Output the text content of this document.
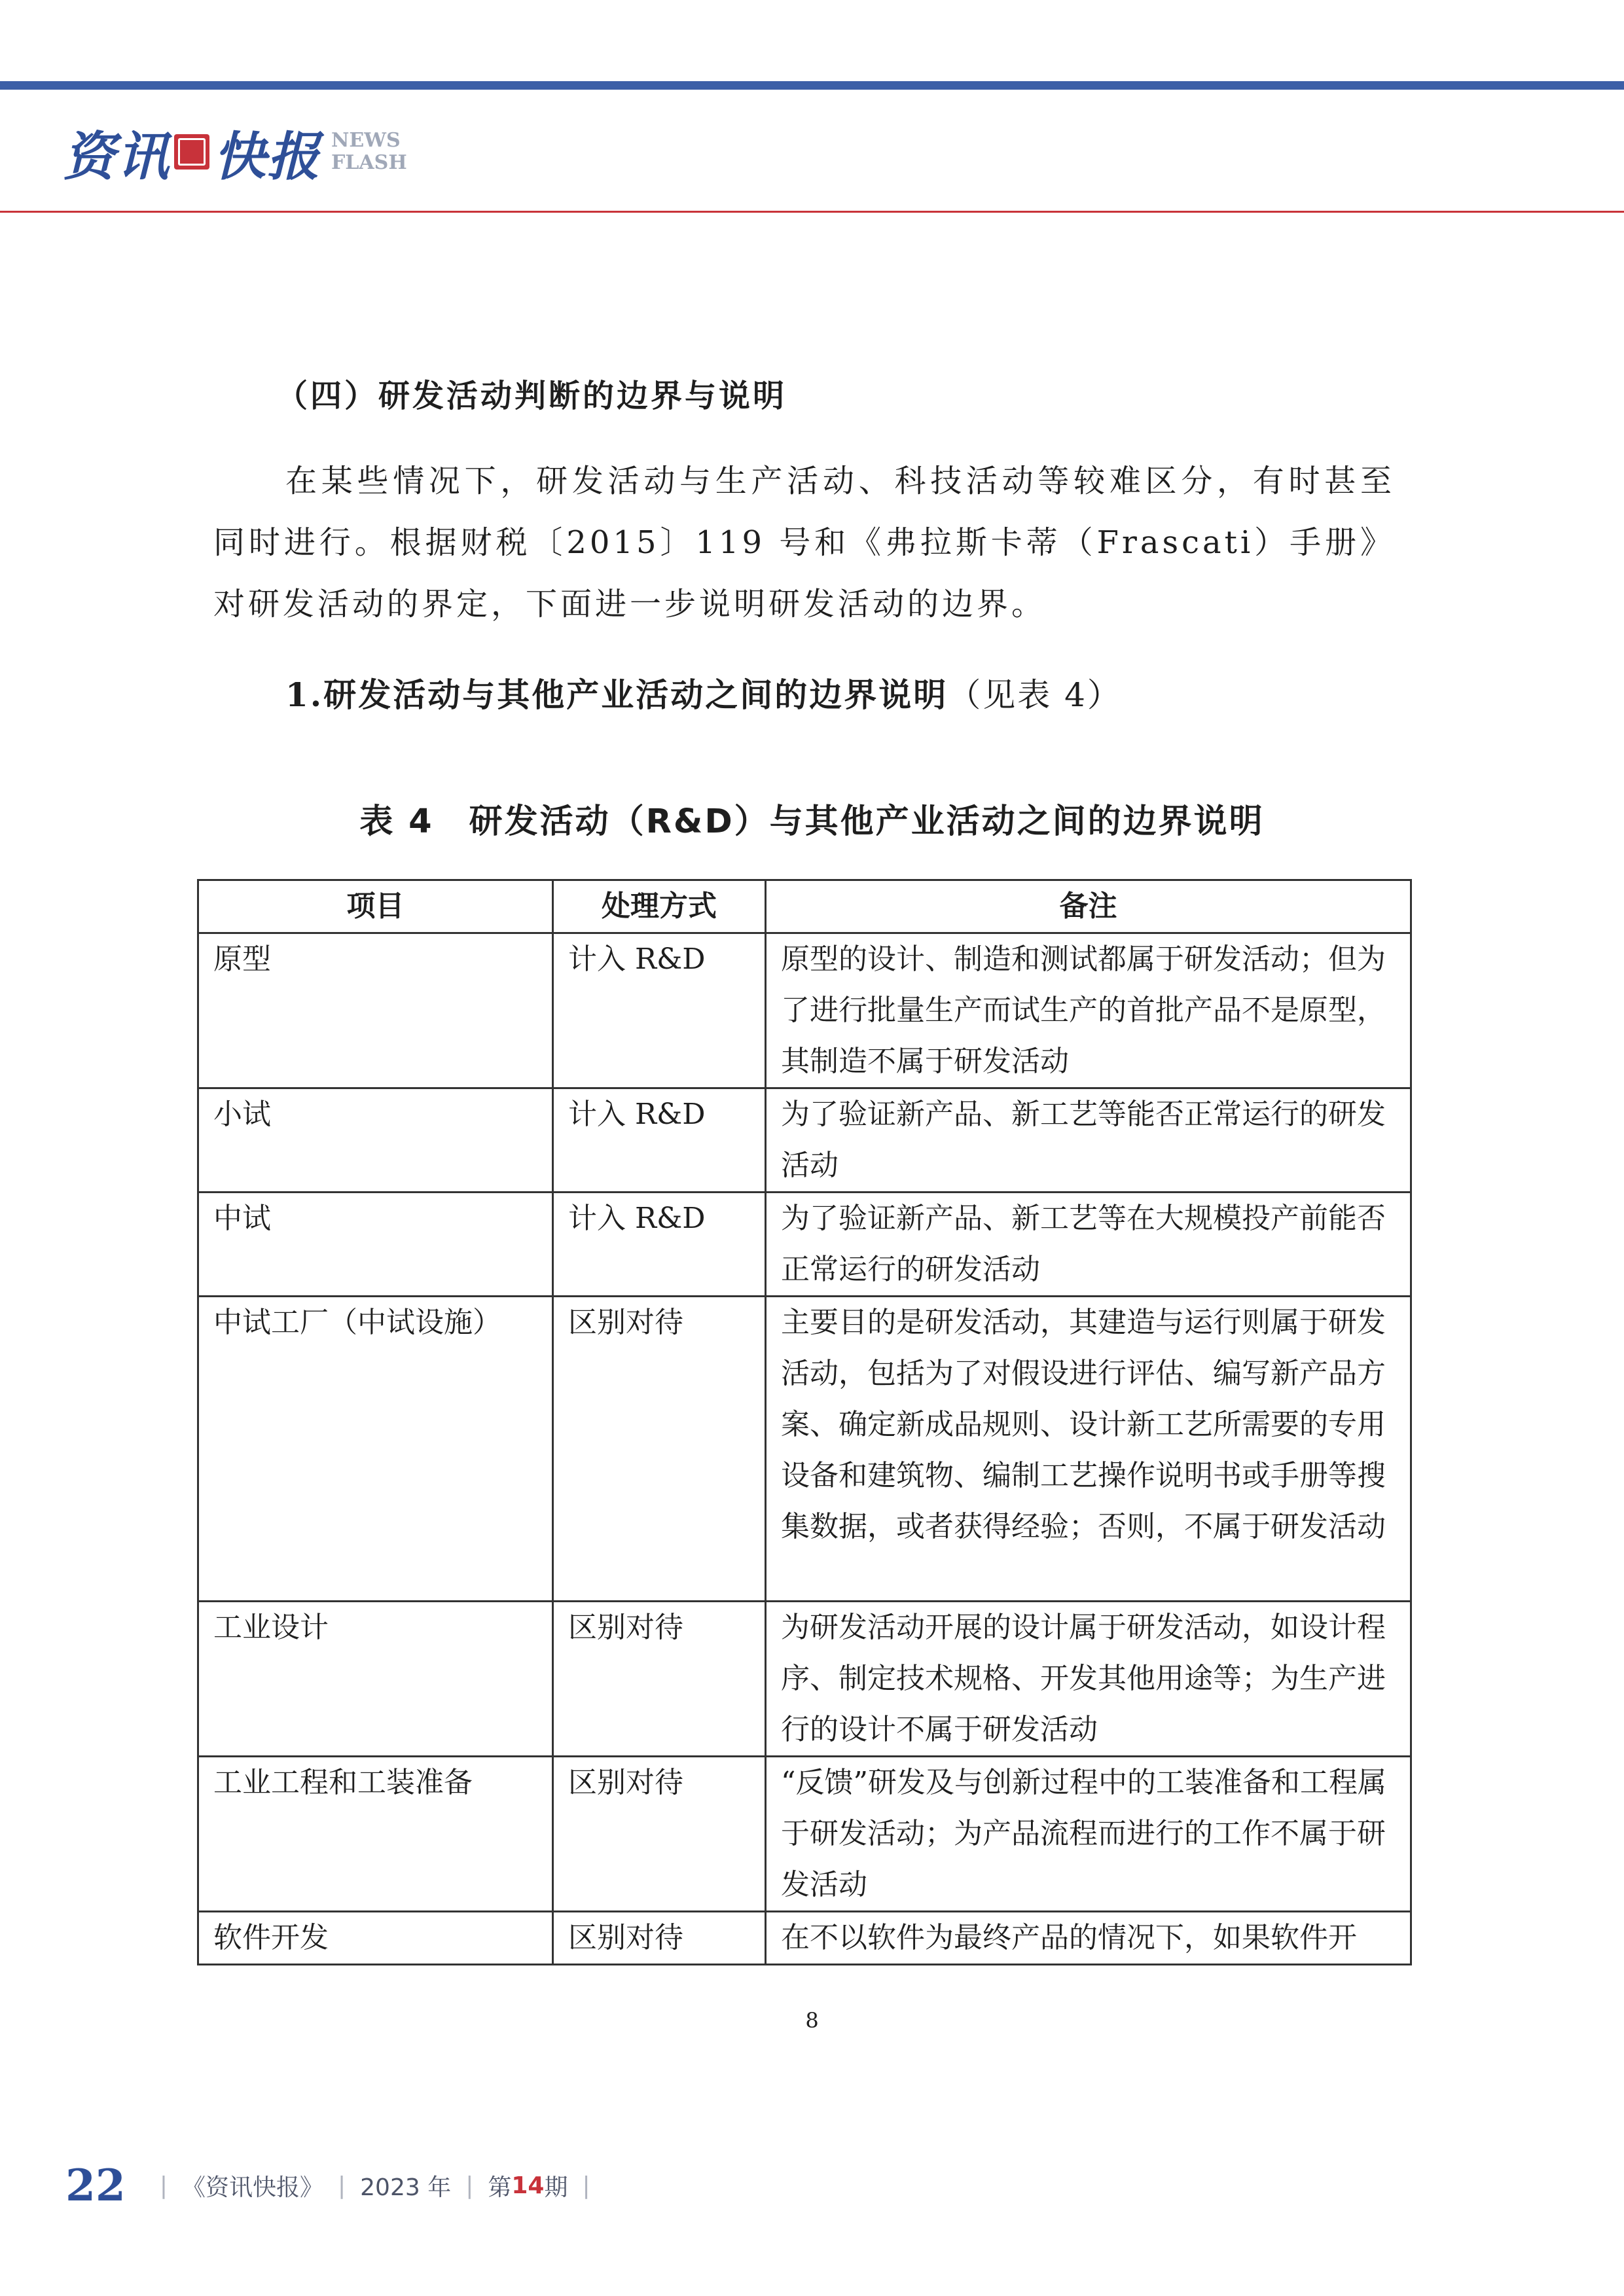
资讯 快报 NEWS
FLASH
（四）研发活动判断的边界与说明
在某些情况下，研发活动与生产活动、科技活动等较难区分，有时甚至同时进行。根据财税〔2015〕119 号和《弗拉斯卡蒂（Frascati）手册》对研发活动的界定，下面进一步说明研发活动的边界。
1.研发活动与其他产业活动之间的边界说明（见表 4）
表 4　研发活动（R&D）与其他产业活动之间的边界说明
项目	处理方式	备注
原型	计入 R&D	原型的设计、制造和测试都属于研发活动；但为了进行批量生产而试生产的首批产品不是原型，其制造不属于研发活动
小试	计入 R&D	为了验证新产品、新工艺等能否正常运行的研发活动
中试	计入 R&D	为了验证新产品、新工艺等在大规模投产前能否正常运行的研发活动
中试工厂（中试设施）	区别对待	主要目的是研发活动，其建造与运行则属于研发活动，包括为了对假设进行评估、编写新产品方案、确定新成品规则、设计新工艺所需要的专用设备和建筑物、编制工艺操作说明书或手册等搜集数据，或者获得经验；否则，不属于研发活动
工业设计	区别对待	为研发活动开展的设计属于研发活动，如设计程序、制定技术规格、开发其他用途等；为生产进行的设计不属于研发活动
工业工程和工装准备	区别对待	“反馈”研发及与创新过程中的工装准备和工程属于研发活动；为产品流程而进行的工作不属于研发活动
软件开发	区别对待	在不以软件为最终产品的情况下，如果软件开
8
22 | 《资讯快报》 | 2023 年 | 第 14 期 |
